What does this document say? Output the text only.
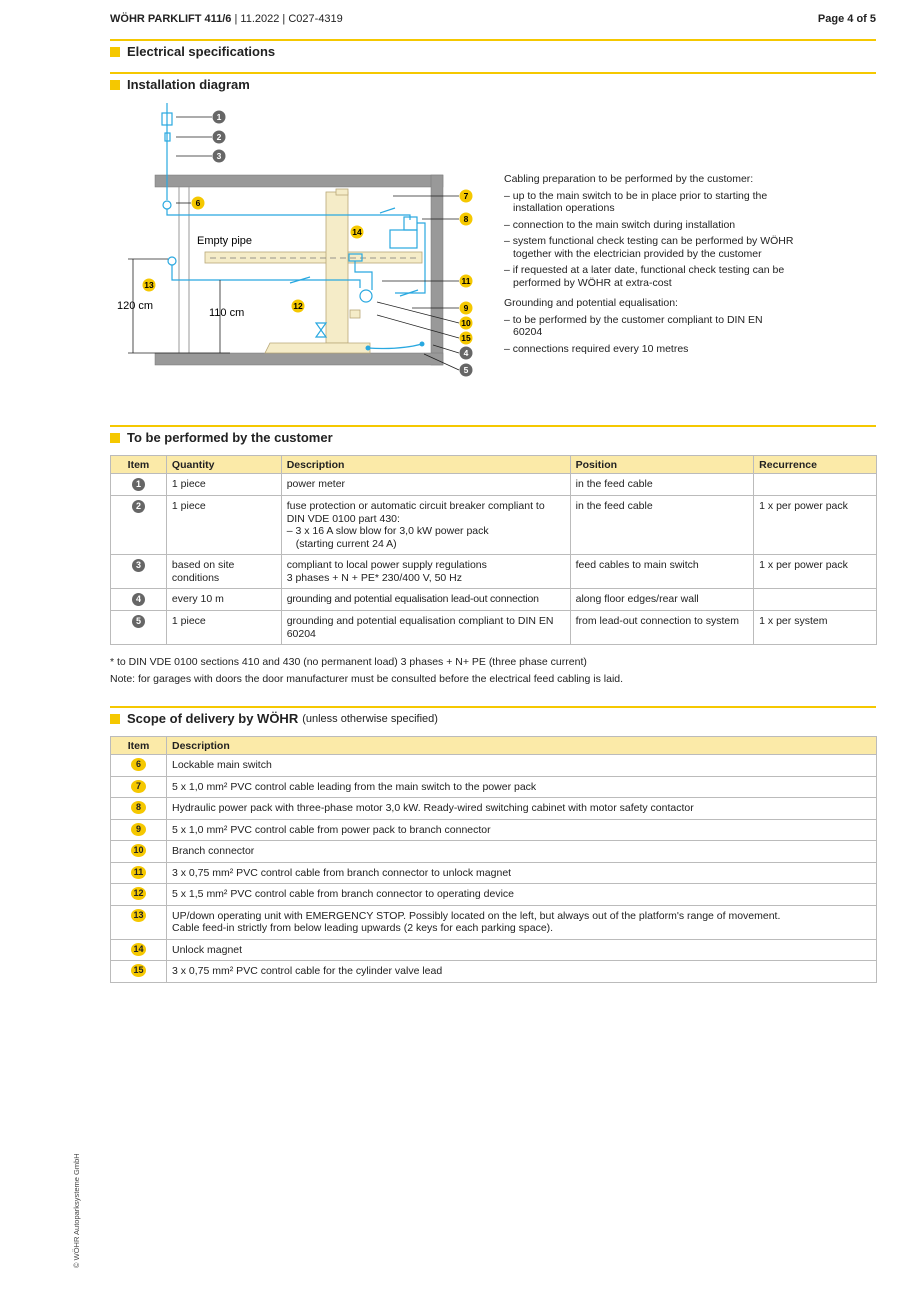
WÖHR PARKLIFT 411/6 | 11.2022 | C027-4319	Page 4 of 5
Electrical specifications
Installation diagram
Empty pipe
120 cm
110 cm
1
2
3
4
5
6
7
8
9
10
11
12
13
14
15

Cabling preparation to be performed by the customer:

– up to the main switch to be in place prior to starting the installation operations

– connection to the main switch during installation

– system functional check testing can be performed by WÖHR together with the electrician provided by the customer

– if requested at a later date, functional check testing can be performed by WÖHR at extra-cost

Grounding and potential equalisation:

– to be performed by the customer compliant to DIN EN 60204

– connections required every 10 metres

To be performed by the customer
Item	Quantity	Description	Position	Recurrence
1	1 piece	power meter	in the feed cable	
2	1 piece	fuse protection or automatic circuit breaker compliant to DIN VDE 0100 part 430:
– 3 x 16 A slow blow for 3,0 kW power pack
(starting current 24 A)	in the feed cable	1 x per power pack
3	based on site conditions	compliant to local power supply regulations
3 phases + N + PE* 230/400 V, 50 Hz	feed cables to main switch	1 x per power pack
4	every 10 m	grounding and potential equalisation lead-out connection	along floor edges/rear wall	
5	1 piece	grounding and potential equalisation compliant to DIN EN 60204	from lead-out connection to system	1 x per system
* to DIN VDE 0100 sections 410 and 430 (no permanent load) 3 phases + N+ PE (three phase current)
Note: for garages with doors the door manufacturer must be consulted before the electrical feed cabling is laid.
Scope of delivery by WÖHR (unless otherwise specified)
Item	Description
6	Lockable main switch

7	5 x 1,0 mm² PVC control cable leading from the main switch to the power pack

8	Hydraulic power pack with three-phase motor 3,0 kW. Ready-wired switching cabinet with motor safety contactor

9	5 x 1,0 mm² PVC control cable from power pack to branch connector

10	Branch connector

11	3 x 0,75 mm² PVC control cable from branch connector to unlock magnet

12	5 x 1,5 mm² PVC control cable from branch connector to operating device

13	UP/down operating unit with EMERGENCY STOP. Possibly located on the left, but always out of the platform's range of movement.
Cable feed-in strictly from below leading upwards (2 keys for each parking space).

14	Unlock magnet

15	3 x 0,75 mm² PVC control cable for the cylinder valve lead
© WÖHR Autoparksysteme GmbH
